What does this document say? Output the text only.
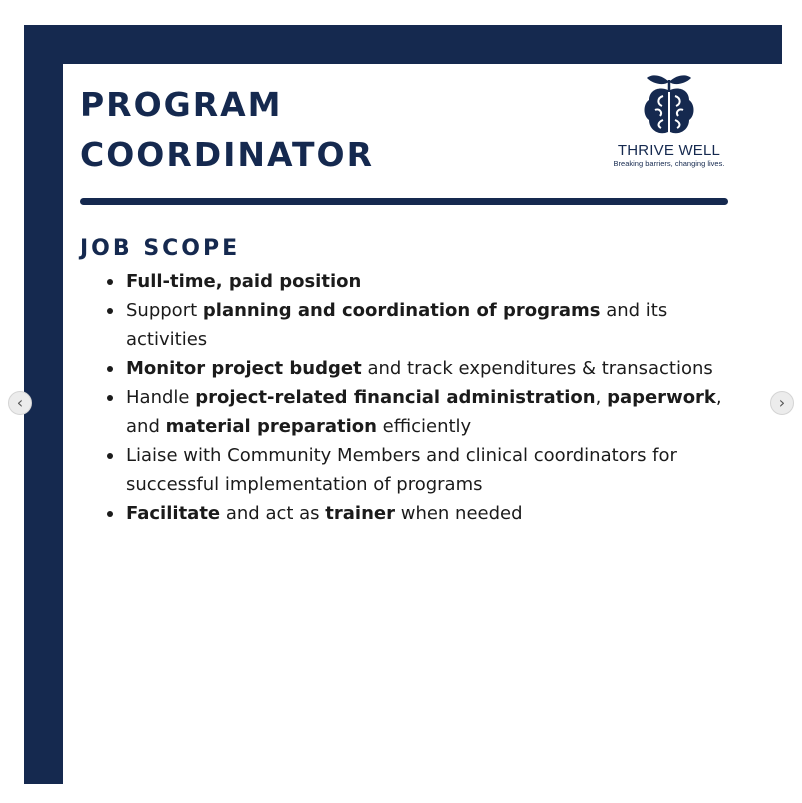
PROGRAM
COORDINATOR	THRIVE WELL
Breaking barriers, changing lives.
JOB SCOPE
Full-time, paid position
Support planning and coordination of programs and its activities
Monitor project budget and track expenditures & transactions
Handle project-related financial administration, paperwork, and material preparation efficiently
Liaise with Community Members and clinical coordinators for successful implementation of programs
Facilitate and act as trainer when needed
‹	›
